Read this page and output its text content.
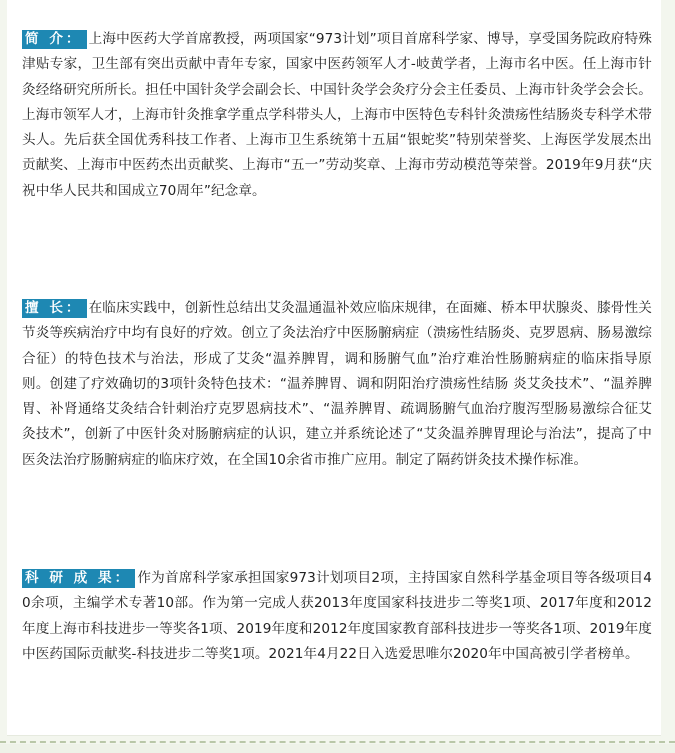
简 介： 上海中医药大学首席教授，两项国家“973计划”项目首席科学家、博导，享受国务院政府特殊津贴专家，卫生部有突出贡献中青年专家，国家中医药领军人才-岐黄学者，上海市名中医。任上海市针灸经络研究所所长。担任中国针灸学会副会长、中国针灸学会灸疗分会主任委员、上海市针灸学会会长。上海市领军人才，上海市针灸推拿学重点学科带头人，上海市中医特色专科针灸溃疡性结肠炎专科学术带头人。先后获全国优秀科技工作者、上海市卫生系统第十五届“银蛇奖”特别荣誉奖、上海医学发展杰出贡献奖、上海市中医药杰出贡献奖、上海市“五一”劳动奖章、上海市劳动模范等荣誉。2019年9月获“庆祝中华人民共和国成立70周年”纪念章。
擅 长： 在临床实践中，创新性总结出艾灸温通温补效应临床规律，在面瘫、桥本甲状腺炎、膝骨性关节炎等疾病治疗中均有良好的疗效。创立了灸法治疗中医肠腑病症（溃疡性结肠炎、克罗恩病、肠易激综合征）的特色技术与治法，形成了艾灸“温养脾胃，调和肠腑气血”治疗难治性肠腑病症的临床指导原则。创建了疗效确切的3项针灸特色技术：“温养脾胃、调和阴阳治疗溃疡性结肠 炎艾灸技术”、“温养脾胃、补肾通络艾灸结合针刺治疗克罗恩病技术”、“温养脾胃、疏调肠腑气血治疗腹泻型肠易激综合征艾灸技术”，创新了中医针灸对肠腑病症的认识，建立并系统论述了“艾灸温养脾胃理论与治法”，提高了中医灸法治疗肠腑病症的临床疗效，在全国10余省市推广应用。制定了隔药饼灸技术操作标准。
科 研 成 果： 作为首席科学家承担国家973计划项目2项，主持国家自然科学基金项目等各级项目40余项，主编学术专著10部。作为第一完成人获2013年度国家科技进步二等奖1项、2017年度和2012年度上海市科技进步一等奖各1项、2019年度和2012年度国家教育部科技进步一等奖各1项、2019年度中医药国际贡献奖-科技进步二等奖1项。2021年4月22日入选爱思唯尔2020年中国高被引学者榜单。
